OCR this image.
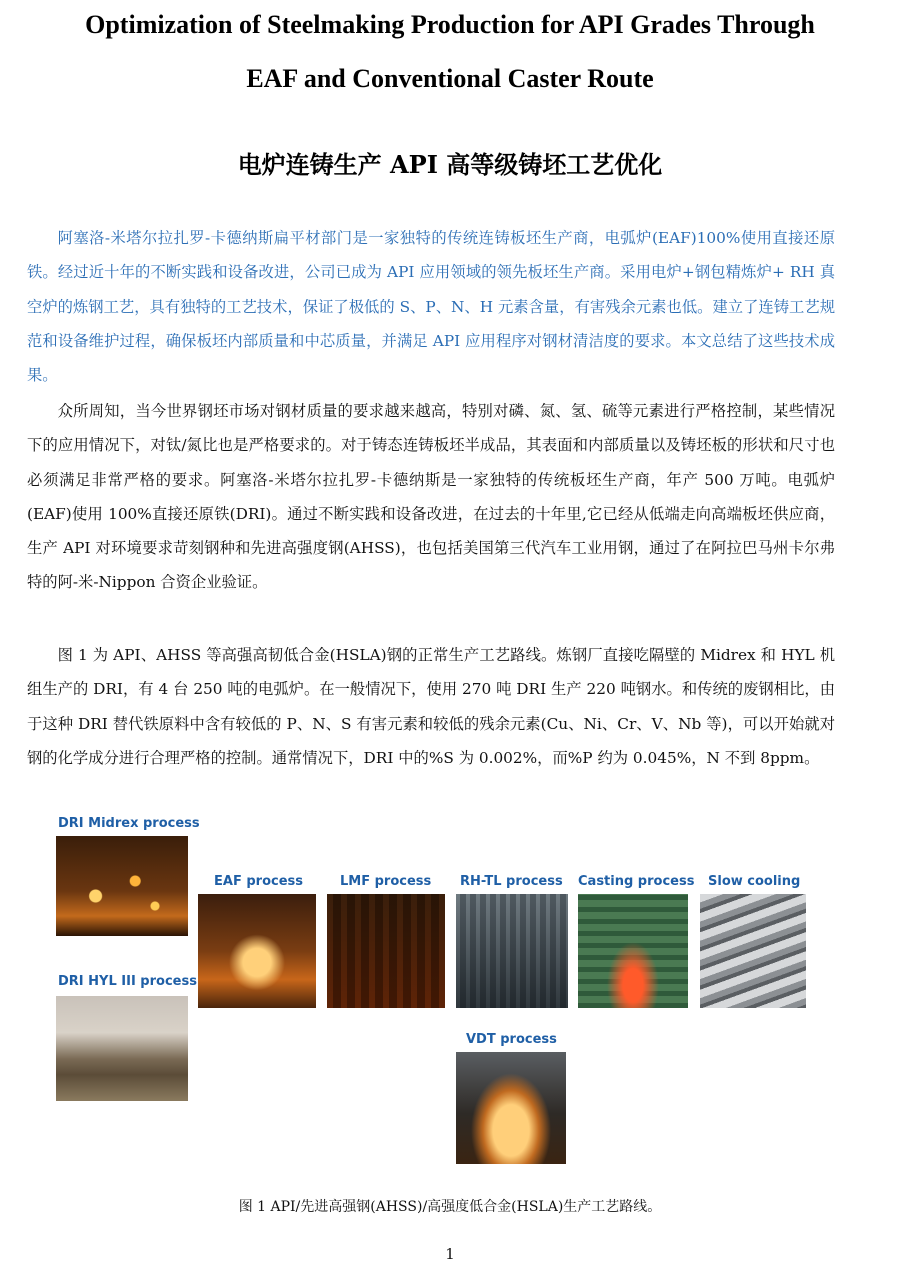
Optimization of Steelmaking Production for API Grades Through
EAF and Conventional Caster Route
电炉连铸生产 API 高等级铸坯工艺优化

阿塞洛-米塔尔拉扎罗-卡德纳斯扁平材部门是一家独特的传统连铸板坯生产商，电弧炉(EAF)100%使用直接还原铁。经过近十年的不断实践和设备改进，公司已成为 API 应用领域的领先板坯生产商。采用电炉+钢包精炼炉+ RH 真空炉的炼钢工艺，具有独特的工艺技术，保证了极低的 S、P、N、H 元素含量，有害残余元素也低。建立了连铸工艺规范和设备维护过程，确保板坯内部质量和中芯质量，并满足 API 应用程序对钢材清洁度的要求。本文总结了这些技术成果。

众所周知，当今世界钢坯市场对钢材质量的要求越来越高，特别对磷、氮、氢、硫等元素进行严格控制，某些情况下的应用情况下，对钛/氮比也是严格要求的。对于铸态连铸板坯半成品，其表面和内部质量以及铸坯板的形状和尺寸也必须满足非常严格的要求。阿塞洛-米塔尔拉扎罗-卡德纳斯是一家独特的传统板坯生产商，年产 500 万吨。电弧炉(EAF)使用 100%直接还原铁(DRI)。通过不断实践和设备改进，在过去的十年里,它已经从低端走向高端板坯供应商，生产 API 对环境要求苛刻钢种和先进高强度钢(AHSS)，也包括美国第三代汽车工业用钢，通过了在阿拉巴马州卡尔弗特的阿-米-Nippon 合资企业验证。

图 1 为 API、AHSS 等高强高韧低合金(HSLA)钢的正常生产工艺路线。炼钢厂直接吃隔壁的 Midrex 和 HYL 机组生产的 DRI，有 4 台 250 吨的电弧炉。在一般情况下，使用 270 吨 DRI 生产 220 吨钢水。和传统的废钢相比，由于这种 DRI 替代铁原料中含有较低的 P、N、S 有害元素和较低的残余元素(Cu、Ni、Cr、V、Nb 等)，可以开始就对钢的化学成分进行合理严格的控制。通常情况下，DRI 中的%S 为 0.002%，而%P 约为 0.045%，N 不到 8ppm。

DRI Midrex process
DRI HYL III process
EAF process	LMF process RH-TL process Casting process Slow cooling
VDT process

图 1 API/先进高强钢(AHSS)/高强度低合金(HSLA)生产工艺路线。

1
